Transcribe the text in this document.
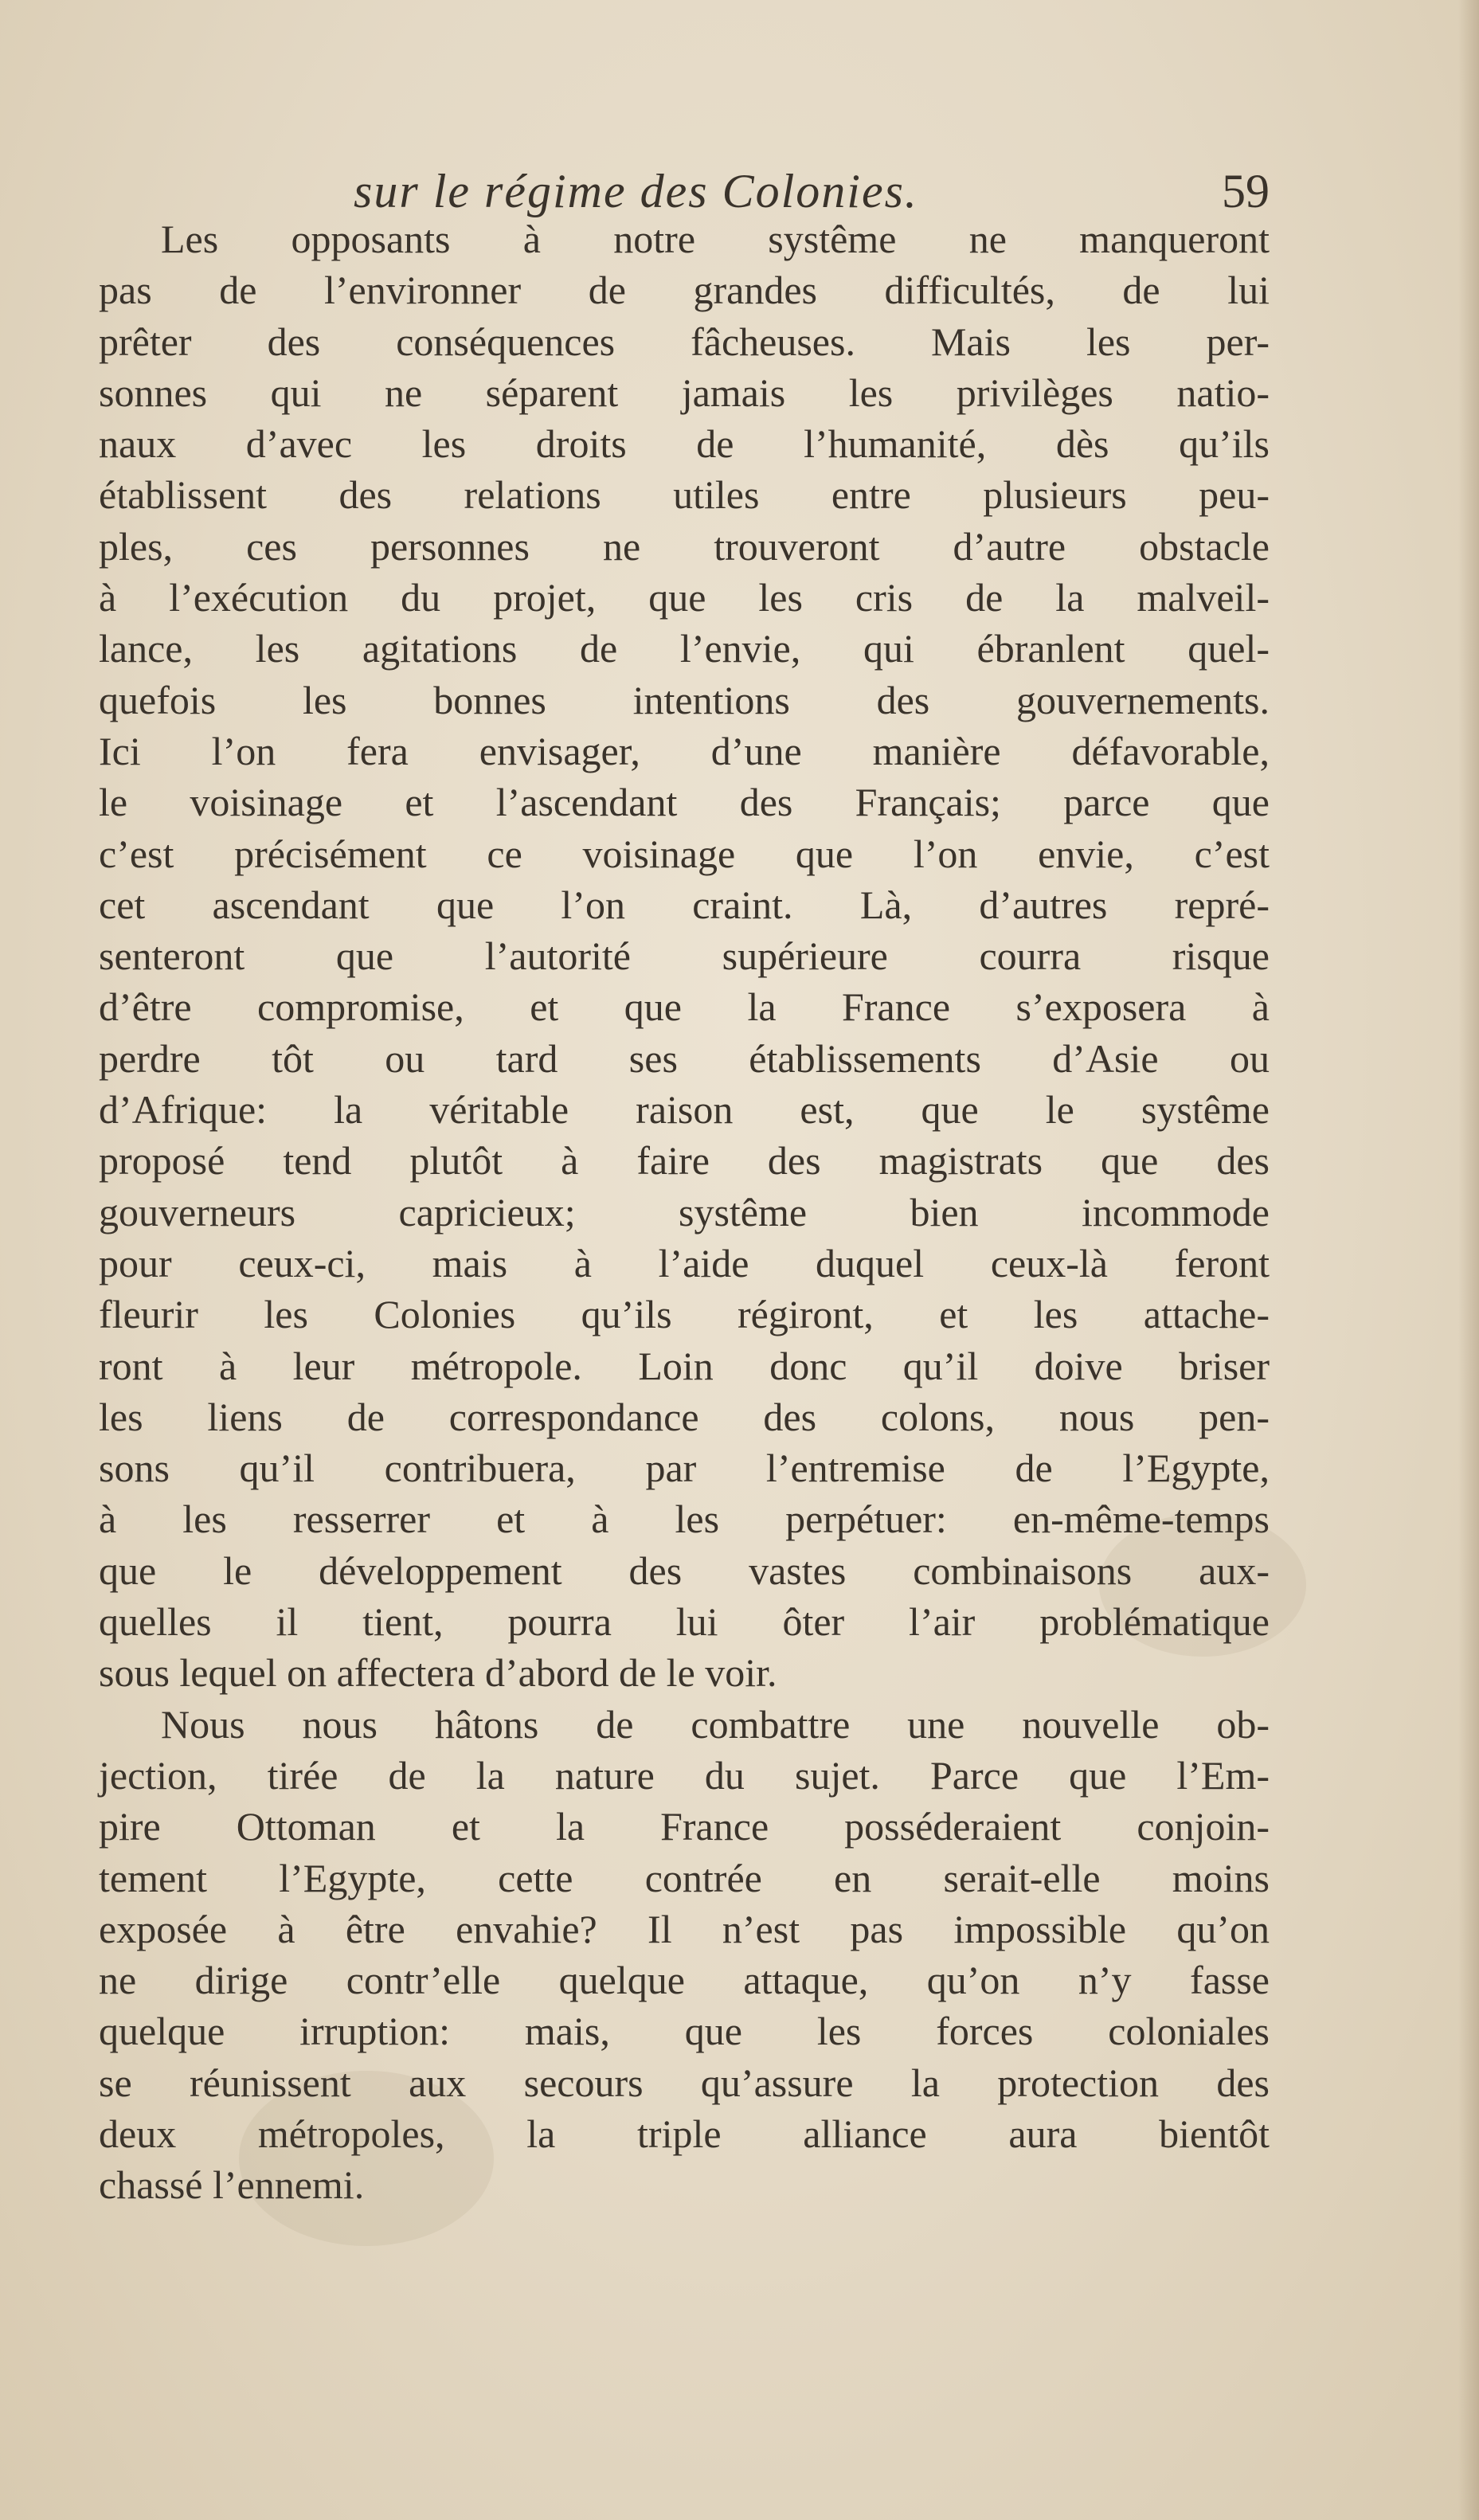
sur le régime des Colonies.	59
Les opposants à notre systême ne manqueront
pas de l’environner de grandes difficultés, de lui
prêter des conséquences fâcheuses. Mais les per-
sonnes qui ne séparent jamais les privilèges natio-
naux d’avec les droits de l’humanité, dès qu’ils
établissent des relations utiles entre plusieurs peu-
ples, ces personnes ne trouveront d’autre obstacle
à l’exécution du projet, que les cris de la malveil-
lance, les agitations de l’envie, qui ébranlent quel-
quefois les bonnes intentions des gouvernements.
Ici l’on fera envisager, d’une manière défavorable,
le voisinage et l’ascendant des Français; parce que
c’est précisément ce voisinage que l’on envie, c’est
cet ascendant que l’on craint. Là, d’autres repré-
senteront que l’autorité supérieure courra risque
d’être compromise, et que la France s’exposera à
perdre tôt ou tard ses établissements d’Asie ou
d’Afrique: la véritable raison est, que le systême
proposé tend plutôt à faire des magistrats que des
gouverneurs capricieux; systême bien incommode
pour ceux-ci, mais à l’aide duquel ceux-là feront
fleurir les Colonies qu’ils régiront, et les attache-
ront à leur métropole. Loin donc qu’il doive briser
les liens de correspondance des colons, nous pen-
sons qu’il contribuera, par l’entremise de l’Egypte,
à les resserrer et à les perpétuer: en-même-temps
que le développement des vastes combinaisons aux-
quelles il tient, pourra lui ôter l’air problématique
sous lequel on affectera d’abord de le voir.
Nous nous hâtons de combattre une nouvelle ob-
jection, tirée de la nature du sujet. Parce que l’Em-
pire Ottoman et la France posséderaient conjoin-
tement l’Egypte, cette contrée en serait-elle moins
exposée à être envahie? Il n’est pas impossible qu’on
ne dirige contr’elle quelque attaque, qu’on n’y fasse
quelque irruption: mais, que les forces coloniales
se réunissent aux secours qu’assure la protection des
deux métropoles, la triple alliance aura bientôt
chassé l’ennemi.
